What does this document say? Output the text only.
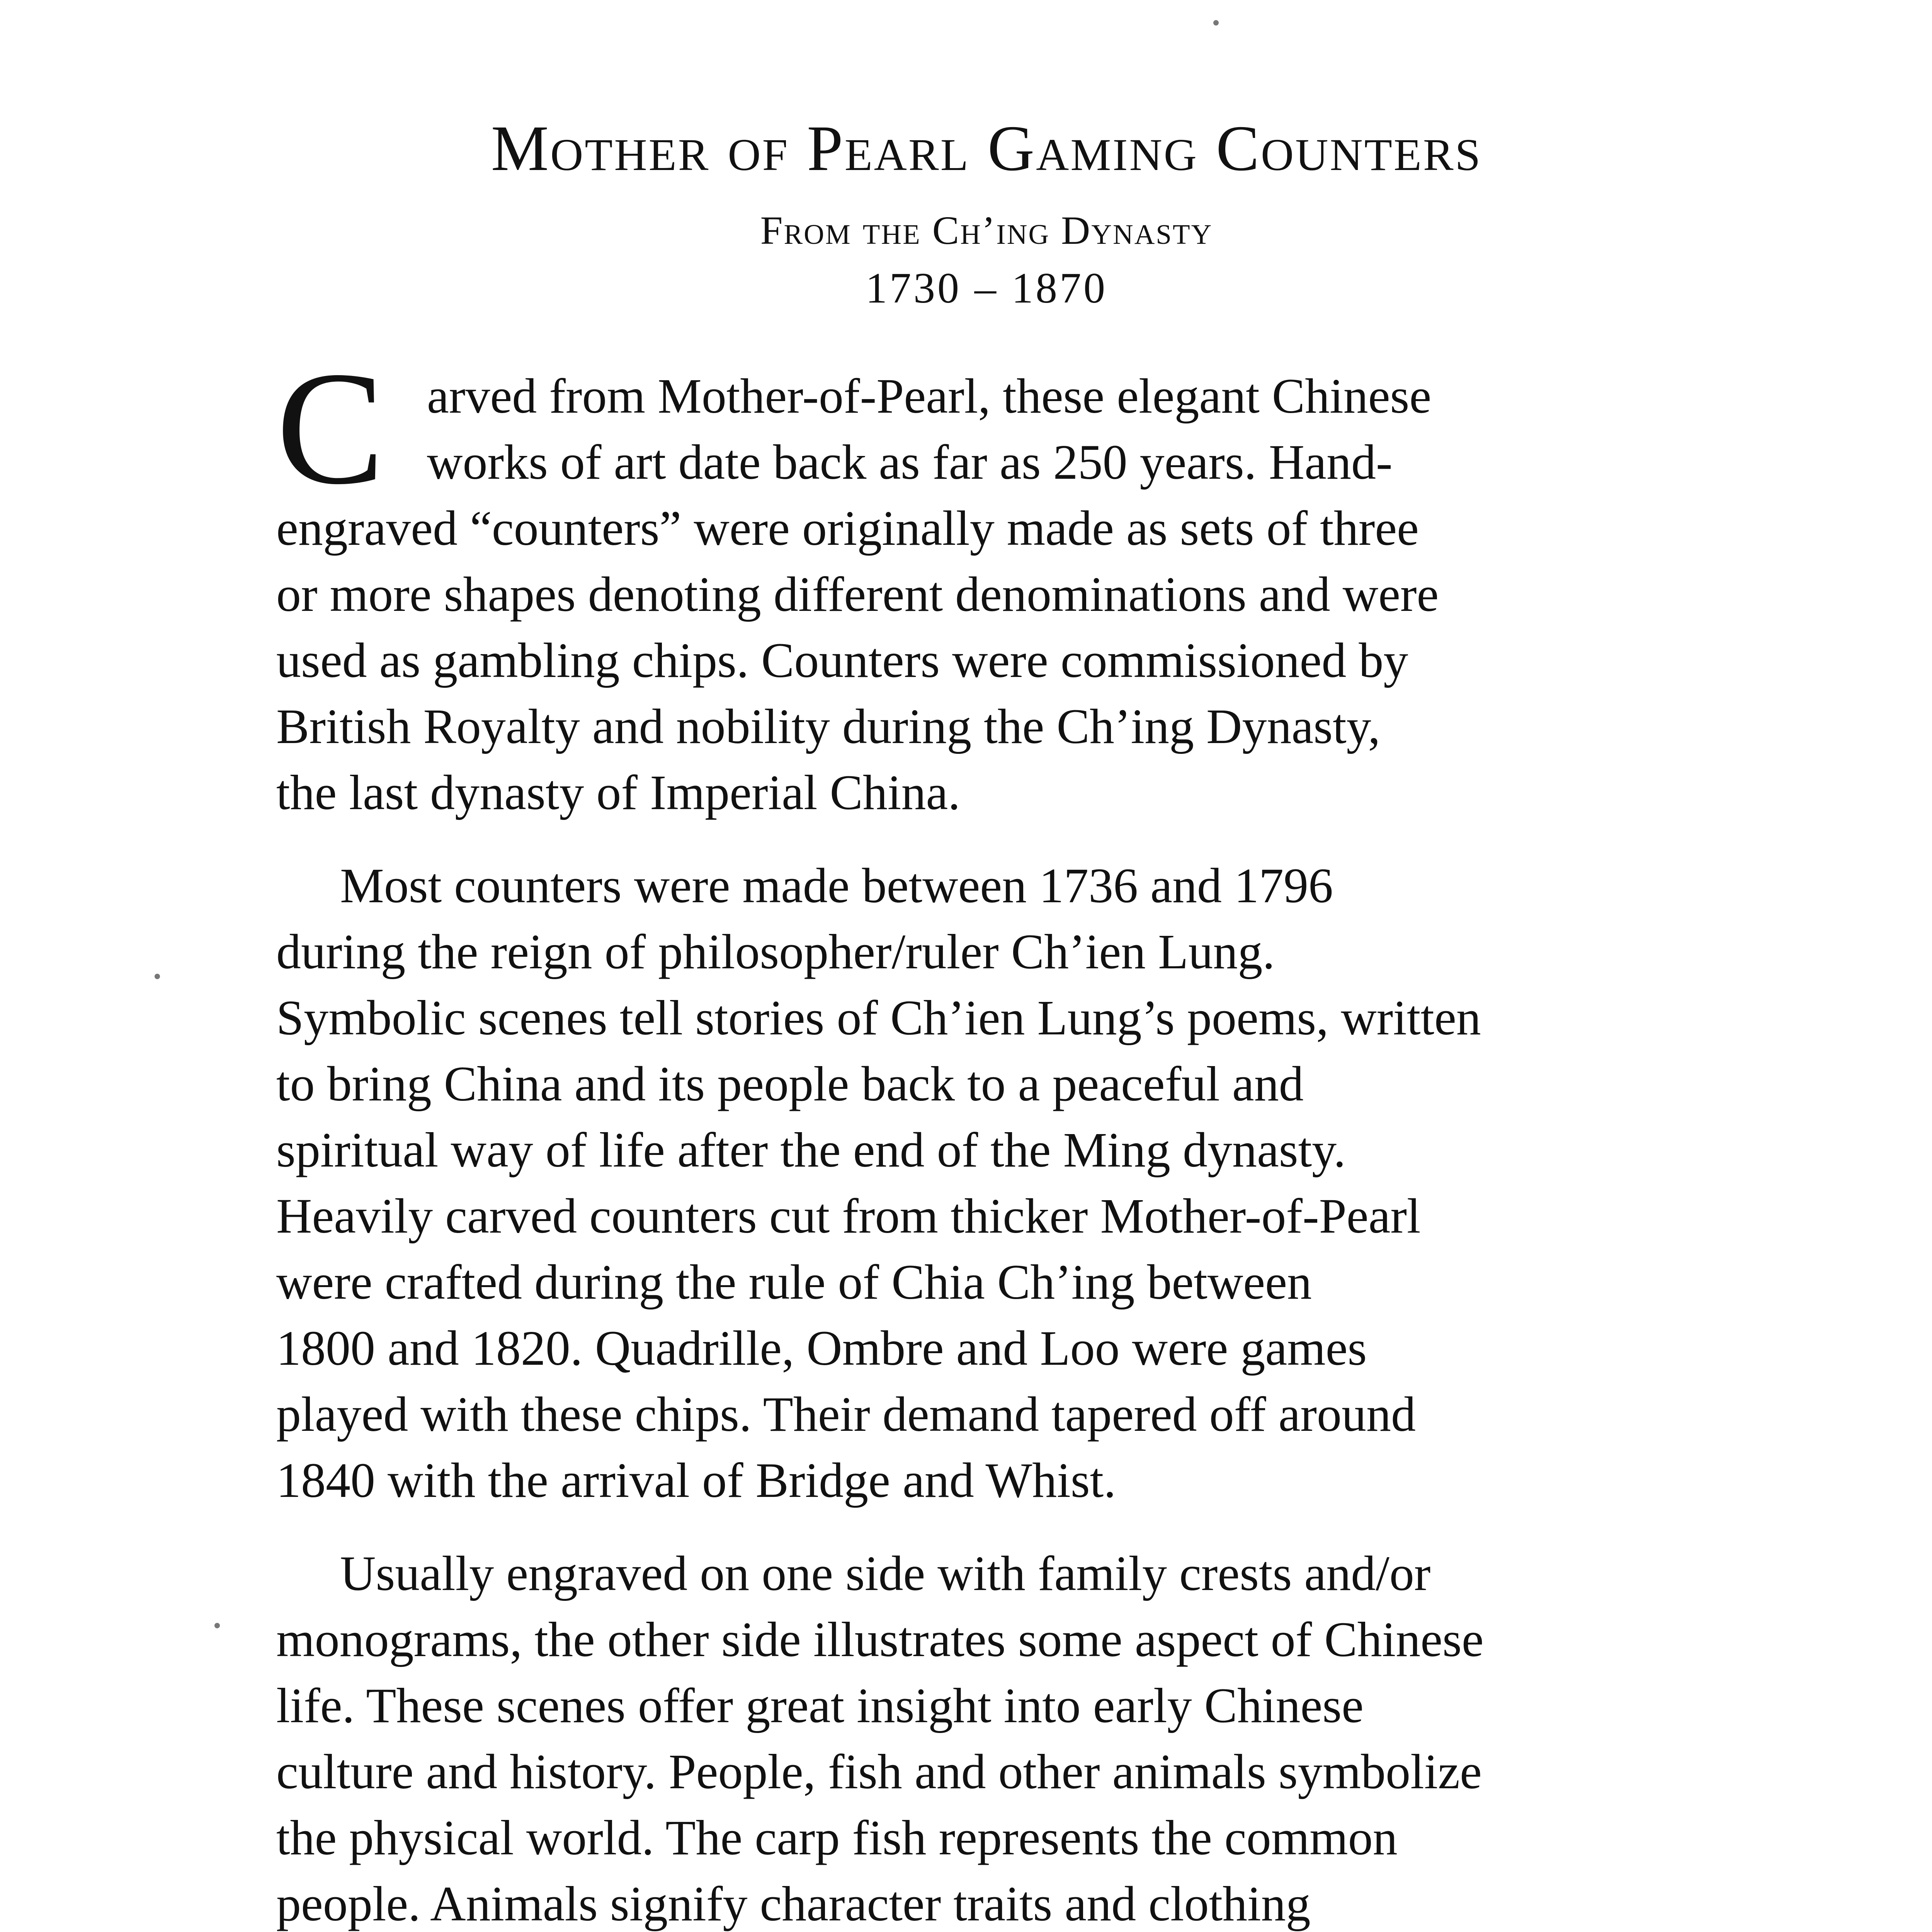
Mother of Pearl Gaming Counters
From the Ch’ing Dynasty
1730 – 1870
C arved from Mother-of-Pearl, these elegant Chinese
works of art date back as far as 250 years. Hand-
engraved “counters” were originally made as sets of three
or more shapes denoting different denominations and were
used as gambling chips. Counters were commissioned by
British Royalty and nobility during the Ch’ing Dynasty,
the last dynasty of Imperial China.
Most counters were made between 1736 and 1796
during the reign of philosopher/ruler Ch’ien Lung.
Symbolic scenes tell stories of Ch’ien Lung’s poems, written
to bring China and its people back to a peaceful and
spiritual way of life after the end of the Ming dynasty.
Heavily carved counters cut from thicker Mother-of-Pearl
were crafted during the rule of Chia Ch’ing between
1800 and 1820. Quadrille, Ombre and Loo were games
played with these chips. Their demand tapered off around
1840 with the arrival of Bridge and Whist.
Usually engraved on one side with family crests and/or
monograms, the other side illustrates some aspect of Chinese
life. These scenes offer great insight into early Chinese
culture and history. People, fish and other animals symbolize
the physical world. The carp fish represents the common
people. Animals signify character traits and clothing
